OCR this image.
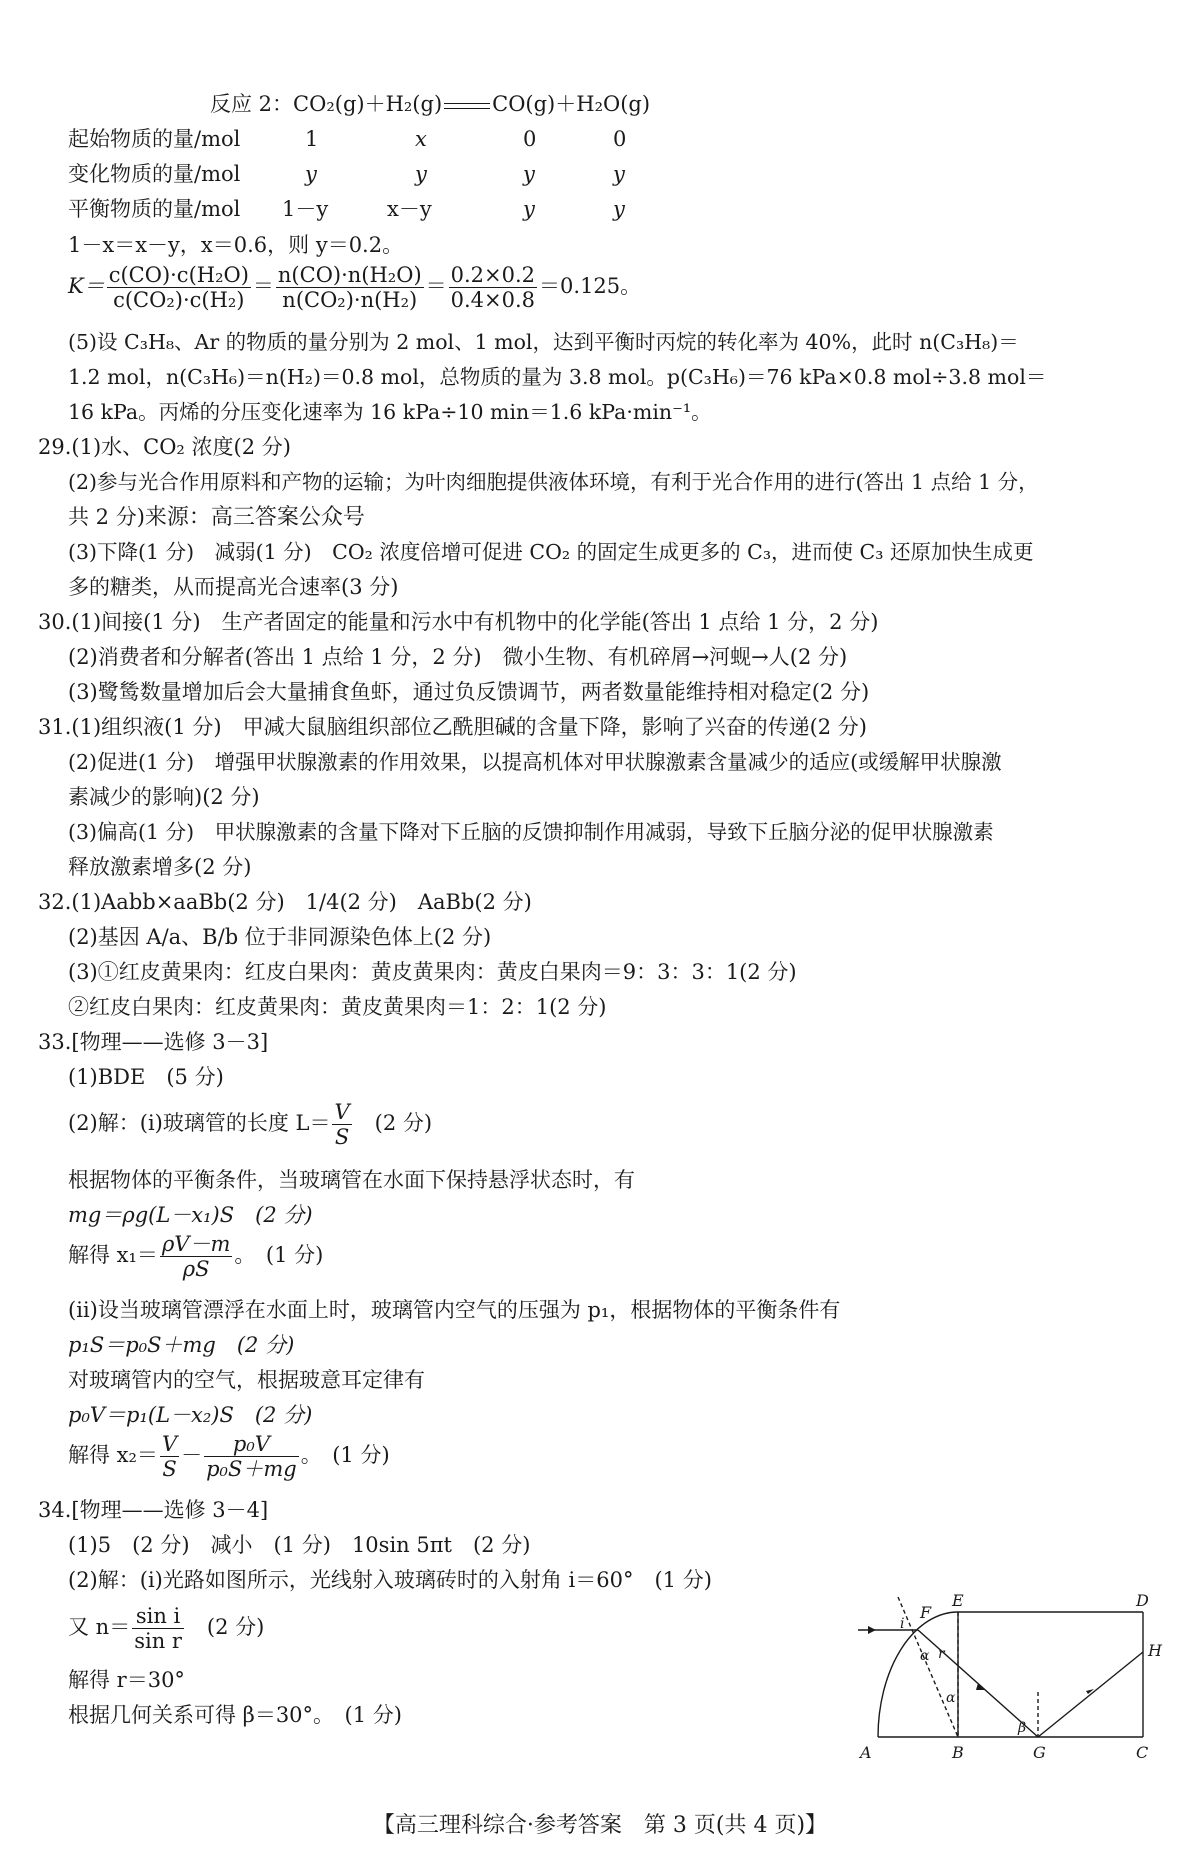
反应 2：CO₂(g)＋H₂(g) CO(g)＋H₂O(g)
起始物质的量/mol	1	x	0	0
变化物质的量/mol	y	y	y	y
平衡物质的量/mol 1－y	x－y	y	y
1－x＝x－y，x＝0.6，则 y＝0.2。
$K= \frac{\text{c(CO)·c(H₂O)}}{\text{c(CO₂)·c(H₂)}} = \frac{\text{n(CO)·n(H₂O)}}{\text{n(CO₂)·n(H₂)}} = \frac{0.2\times 0.2}{0.4\times 0.8} =0.125$。
(5)设 C₃H₈、Ar 的物质的量分别为 2 mol、1 mol，达到平衡时丙烷的转化率为 40%，此时 n(C₃H₈)＝
1.2 mol，n(C₃H₆)＝n(H₂)＝0.8 mol，总物质的量为 3.8 mol。p(C₃H₆)＝76 kPa×0.8 mol÷3.8 mol＝
16 kPa。丙烯的分压变化速率为 16 kPa÷10 min＝1.6 kPa·min⁻¹。
29.(1)水、CO₂ 浓度(2 分)
(2)参与光合作用原料和产物的运输；为叶肉细胞提供液体环境，有利于光合作用的进行(答出 1 点给 1 分，
共 2 分)来源：高三答案公众号
(3)下降(1 分)　减弱(1 分)　CO₂ 浓度倍增可促进 CO₂ 的固定生成更多的 C₃，进而使 C₃ 还原加快生成更
多的糖类，从而提高光合速率(3 分)
30.(1)间接(1 分)　生产者固定的能量和污水中有机物中的化学能(答出 1 点给 1 分，2 分)
(2)消费者和分解者(答出 1 点给 1 分，2 分)　微小生物、有机碎屑→河蚬→人(2 分)
(3)鹭鸶数量增加后会大量捕食鱼虾，通过负反馈调节，两者数量能维持相对稳定(2 分)
31.(1)组织液(1 分)　甲减大鼠脑组织部位乙酰胆碱的含量下降，影响了兴奋的传递(2 分)
(2)促进(1 分)　增强甲状腺激素的作用效果，以提高机体对甲状腺激素含量减少的适应(或缓解甲状腺激
素减少的影响)(2 分)
(3)偏高(1 分)　甲状腺激素的含量下降对下丘脑的反馈抑制作用减弱，导致下丘脑分泌的促甲状腺激素
释放激素增多(2 分)
32.(1)Aabb×aaBb(2 分)　1/4(2 分)　AaBb(2 分)
(2)基因 A/a、B/b 位于非同源染色体上(2 分)
(3)①红皮黄果肉：红皮白果肉：黄皮黄果肉：黄皮白果肉＝9：3：3：1(2 分)
②红皮白果肉：红皮黄果肉：黄皮黄果肉＝1：2：1(2 分)
33.[物理——选修 3－3]
(1)BDE　(5 分)
(2)解：(ⅰ)玻璃管的长度 $L= \frac{V}{S}$ 　(2 分)
根据物体的平衡条件，当玻璃管在水面下保持悬浮状态时，有
mg＝ρg(L－x₁)S　(2 分)
解得 $x_1= \frac{\rho V-m}{\rho S}$ 。　(1 分)
(ⅱ)设当玻璃管漂浮在水面上时，玻璃管内空气的压强为 p₁，根据物体的平衡条件有
p₁S＝p₀S＋mg　(2 分)
对玻璃管内的空气，根据玻意耳定律有
p₀V＝p₁(L－x₂)S　(2 分)
解得 $x_2= \frac{V}{S} - \frac{\text{p₀V}}{\text{p₀S＋mg}}$ 。　(1 分)
34.[物理——选修 3－4]
(1)5　(2 分)　减小　(1 分)　10sin 5πt　(2 分)
(2)解：(ⅰ)光路如图所示，光线射入玻璃砖时的入射角 i＝60°　(1 分)
又 $n= \frac{\text{sin i}}{\text{sin r}}$ 　(2 分)
解得 r＝30°
根据几何关系可得 β＝30°。　(1 分)
A	B	C
D
E
F
G
H
i
r
α
α
β
【高三理科综合·参考答案　第 3 页(共 4 页)】
